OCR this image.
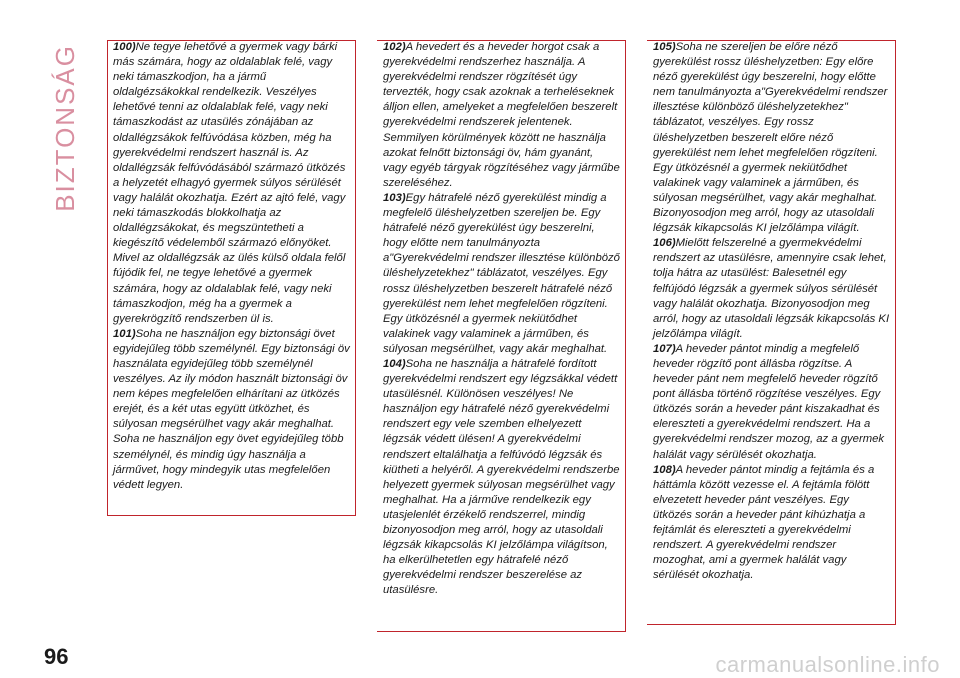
BIZTONSÁG	100)Ne tegye lehetővé a gyermek vagy bárki más számára, hogy az oldalablak felé, vagy neki támaszkodjon, ha a jármű oldalgézsákokkal rendelkezik. Veszélyes lehetővé tenni az oldalablak felé, vagy neki támaszkodást az utasülés zónájában az oldallégzsákok felfúvódása közben, még ha gyerekvédelmi rendszert használ is. Az oldallégzsák felfúvódásából származó ütközés a helyzetét elhagyó gyermek súlyos sérülését vagy halálát okozhatja. Ezért az ajtó felé, vagy neki támaszkodás blokkolhatja az oldallégzsákokat, és megszüntetheti a kiegészítő védelemből származó előnyöket. Mivel az oldallégzsák az ülés külső oldala felől fújódik fel, ne tegye lehetővé a gyermek számára, hogy az oldalablak felé, vagy neki támaszkodjon, még ha a gyermek a gyerekrögzítő rendszerben ül is.

101)Soha ne használjon egy biztonsági övet egyidejűleg több személynél. Egy biztonsági öv használata egyidejűleg több személynél veszélyes. Az ily módon használt biztonsági öv nem képes megfelelően elhárítani az ütközés erejét, és a két utas együtt ütközhet, és súlyosan megsérülhet vagy akár meghalhat. Soha ne használjon egy övet egyidejűleg több személynél, és mindig úgy használja a járművet, hogy mindegyik utas megfelelően védett legyen.

102)A hevedert és a heveder horgot csak a gyerekvédelmi rendszerhez használja. A gyerekvédelmi rendszer rögzítését úgy tervezték, hogy csak azoknak a terheléseknek álljon ellen, amelyeket a megfelelően beszerelt gyerekvédelmi rendszerek jelentenek. Semmilyen körülmények között ne használja azokat felnőtt biztonsági öv, hám gyanánt, vagy egyéb tárgyak rögzítéséhez vagy járműbe szereléséhez.

103)Egy hátrafelé néző gyerekülést mindig a megfelelő üléshelyzetben szereljen be. Egy hátrafelé néző gyerekülést úgy beszerelni, hogy előtte nem tanulmányozta a"Gyerekvédelmi rendszer illesztése különböző üléshelyzetekhez" táblázatot, veszélyes. Egy rossz üléshelyzetben beszerelt hátrafelé néző gyerekülést nem lehet megfelelően rögzíteni. Egy ütközésnél a gyermek nekiütődhet valakinek vagy valaminek a járműben, és súlyosan megsérülhet, vagy akár meghalhat.

104)Soha ne használja a hátrafelé fordított gyerekvédelmi rendszert egy légzsákkal védett utasülésnél. Különösen veszélyes! Ne használjon egy hátrafelé néző gyerekvédelmi rendszert egy vele szemben elhelyezett légzsák védett ülésen! A gyerekvédelmi rendszert eltalálhatja a felfúvódó légzsák és kiütheti a helyéről. A gyerekvédelmi rendszerbe helyezett gyermek súlyosan megsérülhet vagy meghalhat. Ha a járműve rendelkezik egy utasjelenlét érzékelő rendszerrel, mindig bizonyosodjon meg arról, hogy az utasoldali légzsák kikapcsolás KI jelzőlámpa világítson, ha elkerülhetetlen egy hátrafelé néző gyerekvédelmi rendszer beszerelése az utasülésre.

105)Soha ne szereljen be előre néző gyerekülést rossz üléshelyzetben: Egy előre néző gyerekülést úgy beszerelni, hogy előtte nem tanulmányozta a"Gyerekvédelmi rendszer illesztése különböző üléshelyzetekhez" táblázatot, veszélyes. Egy rossz üléshelyzetben beszerelt előre néző gyerekülést nem lehet megfelelően rögzíteni. Egy ütközésnél a gyermek nekiütődhet valakinek vagy valaminek a járműben, és súlyosan megsérülhet, vagy akár meghalhat. Bizonyosodjon meg arról, hogy az utasoldali légzsák kikapcsolás KI jelzőlámpa világít.

106)Mielőtt felszerelné a gyermekvédelmi rendszert az utasülésre, amennyire csak lehet, tolja hátra az utasülést: Balesetnél egy felfújódó légzsák a gyermek súlyos sérülését vagy halálát okozhatja. Bizonyosodjon meg arról, hogy az utasoldali légzsák kikapcsolás KI jelzőlámpa világít.

107)A heveder pántot mindig a megfelelő heveder rögzítő pont állásba rögzítse. A heveder pánt nem megfelelő heveder rögzítő pont állásba történő rögzítése veszélyes. Egy ütközés során a heveder pánt kiszakadhat és elereszteti a gyerekvédelmi rendszert. Ha a gyerekvédelmi rendszer mozog, az a gyermek halálát vagy sérülését okozhatja.

108)A heveder pántot mindig a fejtámla és a háttámla között vezesse el. A fejtámla fölött elvezetett heveder pánt veszélyes. Egy ütközés során a heveder pánt kihúzhatja a fejtámlát és elereszteti a gyerekvédelmi rendszert. A gyerekvédelmi rendszer mozoghat, ami a gyermek halálát vagy sérülését okozhatja.

96	carmanualsonline.info
